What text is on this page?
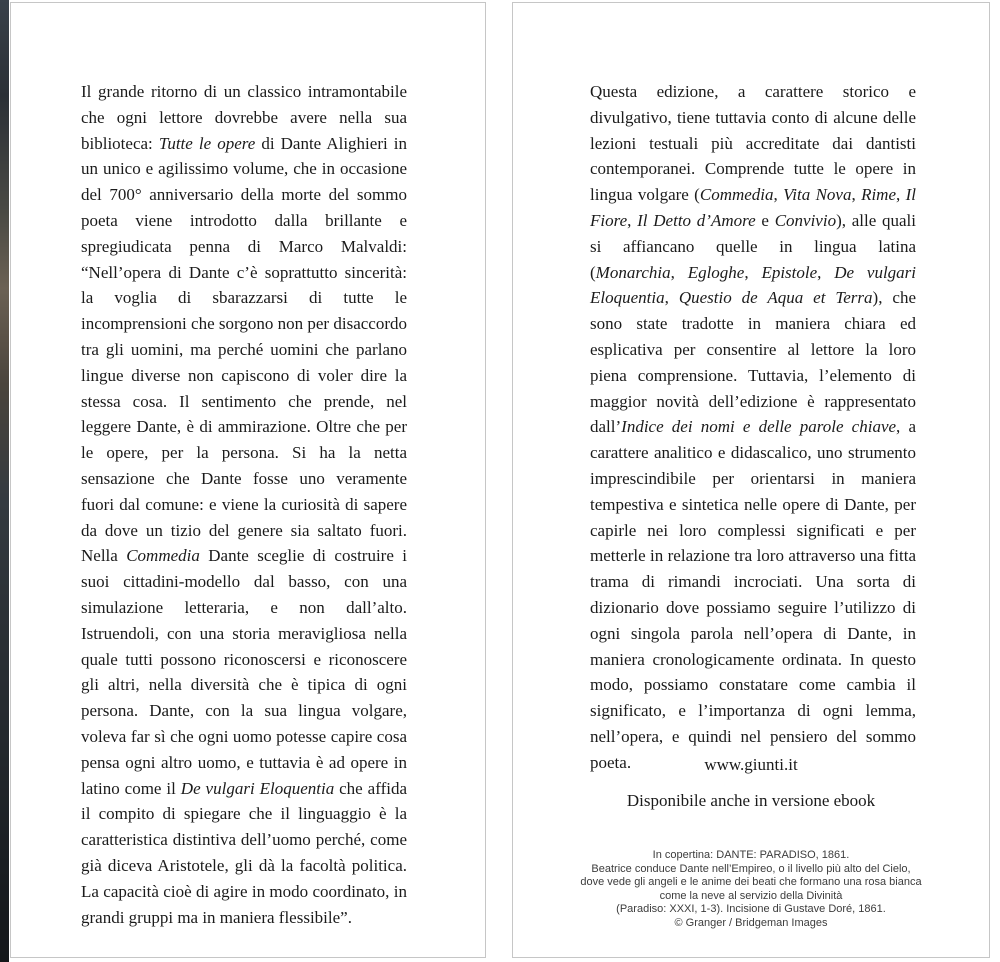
Il grande ritorno di un classico intramontabile che ogni lettore dovrebbe avere nella sua biblioteca: Tutte le opere di Dante Alighieri in un unico e agilissimo volume, che in occasione del 700° anniversario della morte del sommo poeta viene introdotto dalla brillante e spregiudicata penna di Marco Malvaldi: “Nell’opera di Dante c’è soprattutto sincerità: la voglia di sbarazzarsi di tutte le incomprensioni che sorgono non per disaccordo tra gli uomini, ma perché uomini che parlano lingue diverse non capiscono di voler dire la stessa cosa. Il sentimento che prende, nel leggere Dante, è di ammirazione. Oltre che per le opere, per la persona. Si ha la netta sensazione che Dante fosse uno veramente fuori dal comune: e viene la curiosità di sapere da dove un tizio del genere sia saltato fuori. Nella Commedia Dante sceglie di costruire i suoi cittadini-modello dal basso, con una simulazione letteraria, e non dall’alto. Istruendoli, con una storia meravigliosa nella quale tutti possono riconoscersi e riconoscere gli altri, nella diversità che è tipica di ogni persona. Dante, con la sua lingua volgare, voleva far sì che ogni uomo potesse capire cosa pensa ogni altro uomo, e tuttavia è ad opere in latino come il De vulgari Eloquentia che affida il compito di spiegare che il linguaggio è la caratteristica distintiva dell’uomo perché, come già diceva Aristotele, gli dà la facoltà politica. La capacità cioè di agire in modo coordinato, in grandi gruppi ma in maniera flessibile”.

Questa edizione, a carattere storico e divulgativo, tiene tuttavia conto di alcune delle lezioni testuali più accreditate dai dantisti contemporanei. Comprende tutte le opere in lingua volgare (Commedia, Vita Nova, Rime, Il Fiore, Il Detto d’Amore e Convivio), alle quali si affiancano quelle in lingua latina (Monarchia, Egloghe, Epistole, De vulgari Eloquentia, Questio de Aqua et Terra), che sono state tradotte in maniera chiara ed esplicativa per consentire al lettore la loro piena comprensione. Tuttavia, l’elemento di maggior novità dell’edizione è rappresentato dall’Indice dei nomi e delle parole chiave, a carattere analitico e didascalico, uno strumento imprescindibile per orientarsi in maniera tempestiva e sintetica nelle opere di Dante, per capirle nei loro complessi significati e per metterle in relazione tra loro attraverso una fitta trama di rimandi incrociati. Una sorta di dizionario dove possiamo seguire l’utilizzo di ogni singola parola nell’opera di Dante, in maniera cronologicamente ordinata. In questo modo, possiamo constatare come cambia il significato, e l’importanza di ogni lemma, nell’opera, e quindi nel pensiero del sommo poeta.	www.giunti.it
Disponibile anche in versione ebook
In copertina: DANTE: PARADISO, 1861.
Beatrice conduce Dante nell’Empireo, o il livello più alto del Cielo,
dove vede gli angeli e le anime dei beati che formano una rosa bianca
come la neve al servizio della Divinità
(Paradiso: XXXI, 1-3). Incisione di Gustave Doré, 1861.
© Granger / Bridgeman Images
